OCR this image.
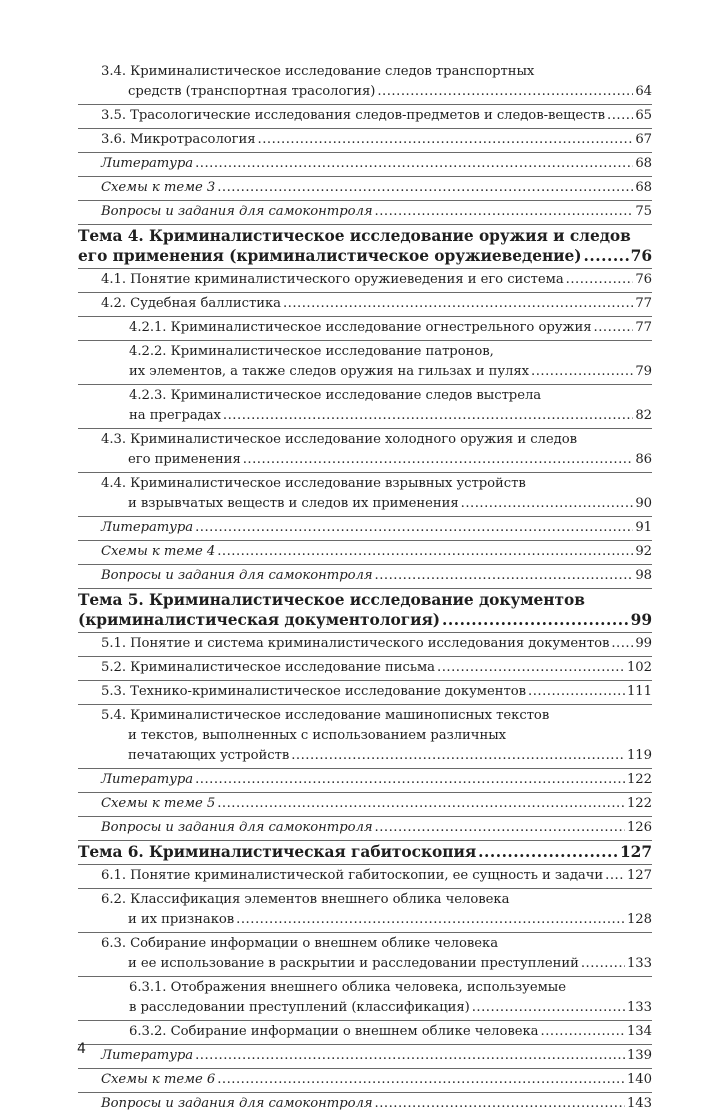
3.4. Криминалистическое исследование следов транспортных
средств (транспортная трасология) .....	64
3.5. Трасологические исследования следов-предметов и следов-веществ ..... 65
3.6. Микротрасология .....	67
Литература .....	68
Схемы к теме 3 .....	68
Вопросы и задания для самоконтроля .....	75
Тема 4. Криминалистическое исследование оружия и следов
его применения (криминалистическое оружиеведение) .....	76
4.1. Понятие криминалистического оружиеведения и его система .....	76
4.2. Судебная баллистика .....	77
4.2.1. Криминалистическое исследование огнестрельного оружия .....	77
4.2.2. Криминалистическое исследование патронов,
их элементов, а также следов оружия на гильзах и пулях .....	79
4.2.3. Криминалистическое исследование следов выстрела
на преградах .....	82
4.3. Криминалистическое исследование холодного оружия и следов
его применения .....	86
4.4. Криминалистическое исследование взрывных устройств
и взрывчатых веществ и следов их применения .....	90
Литература .....	91
Схемы к теме 4 .....	92
Вопросы и задания для самоконтроля .....	98
Тема 5. Криминалистическое исследование документов
(криминалистическая документология) .....	99
5.1. Понятие и система криминалистического исследования документов ..... 99
5.2. Криминалистическое исследование письма .....	102
5.3. Технико-криминалистическое исследование документов .....	111
5.4. Криминалистическое исследование машинописных текстов
и текстов, выполненных с использованием различных
печатающих устройств .....	119
Литература .....	122
Схемы к теме 5 .....	122
Вопросы и задания для самоконтроля .....	126
Тема 6. Криминалистическая габитоскопия .....	127
6.1. Понятие криминалистической габитоскопии, ее сущность и задачи ..... 127
6.2. Классификация элементов внешнего облика человека
и их признаков .....	128
6.3. Собирание информации о внешнем облике человека
и ее использование в раскрытии и расследовании преступлений .....	133
6.3.1. Отображения внешнего облика человека, используемые
в расследовании преступлений (классификация) .....	133
6.3.2. Собирание информации о внешнем облике человека .....	134
Литература .....	139
Схемы к теме 6 .....	140
Вопросы и задания для самоконтроля .....	143
4
